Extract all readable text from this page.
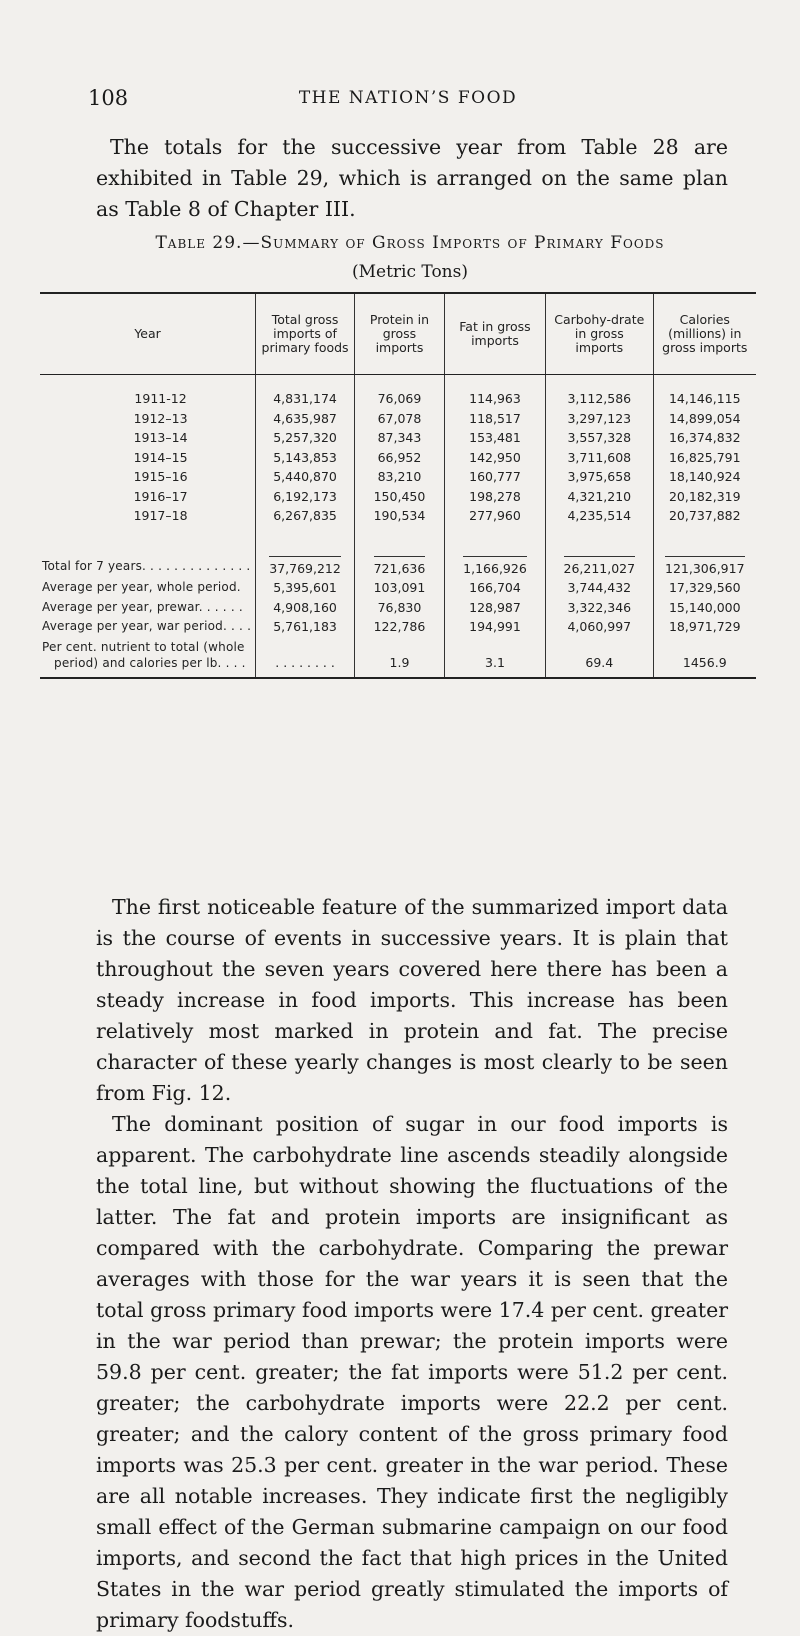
108	THE NATION’S FOOD

The totals for the successive year from Table 28 are exhibited in Table 29, which is arranged on the same plan as Table 8 of Chapter III.

Table 29.—Summary of Gross Imports of Primary Foods
(Metric Tons)
Year	Total gross imports of primary foods	Protein in gross imports	Fat in gross imports	Carbohy-drate in gross imports	Calories (millions) in gross imports
1911-12	4,831,174	76,069	114,963	3,112,586	14,146,115
1912–13	4,635,987	67,078	118,517	3,297,123	14,899,054
1913–14	5,257,320	87,343	153,481	3,557,328	16,374,832
1914–15	5,143,853	66,952	142,950	3,711,608	16,825,791
1915–16	5,440,870	83,210	160,777	3,975,658	18,140,924
1916–17	6,192,173	150,450	198,278	4,321,210	20,182,319
1917–18	6,267,835	190,534	277,960	4,235,514	20,737,882
Total for 7 years. . . . . . . . . . . . . .	37,769,212	721,636	1,166,926	26,211,027	121,306,917
Average per year, whole period.	5,395,601	103,091	166,704	3,744,432	17,329,560
Average per year, prewar. . . . . .	4,908,160	76,830	128,987	3,322,346	15,140,000
Average per year, war period. . . .	5,761,183	122,786	194,991	4,060,997	18,971,729

Per cent. nutrient to total (whole
period) and calories per lb. . . .	. . . . . . . .	1.9	3.1	69.4	1456.9

The first noticeable feature of the summarized import data is the course of events in successive years. It is plain that throughout the seven years covered here there has been a steady increase in food imports. This increase has been relatively most marked in protein and fat. The precise character of these yearly changes is most clearly to be seen from Fig. 12.

The dominant position of sugar in our food imports is apparent. The carbohydrate line ascends steadily alongside the total line, but without showing the fluctuations of the latter. The fat and protein imports are insignificant as compared with the carbohydrate. Comparing the prewar averages with those for the war years it is seen that the total gross primary food imports were 17.4 per cent. greater in the war period than prewar; the protein imports were 59.8 per cent. greater; the fat imports were 51.2 per cent. greater; the carbohydrate imports were 22.2 per cent. greater; and the calory content of the gross primary food imports was 25.3 per cent. greater in the war period. These are all notable increases. They indicate first the negligibly small effect of the German submarine campaign on our food imports, and second the fact that high prices in the United States in the war period greatly stimulated the imports of primary foodstuffs.
